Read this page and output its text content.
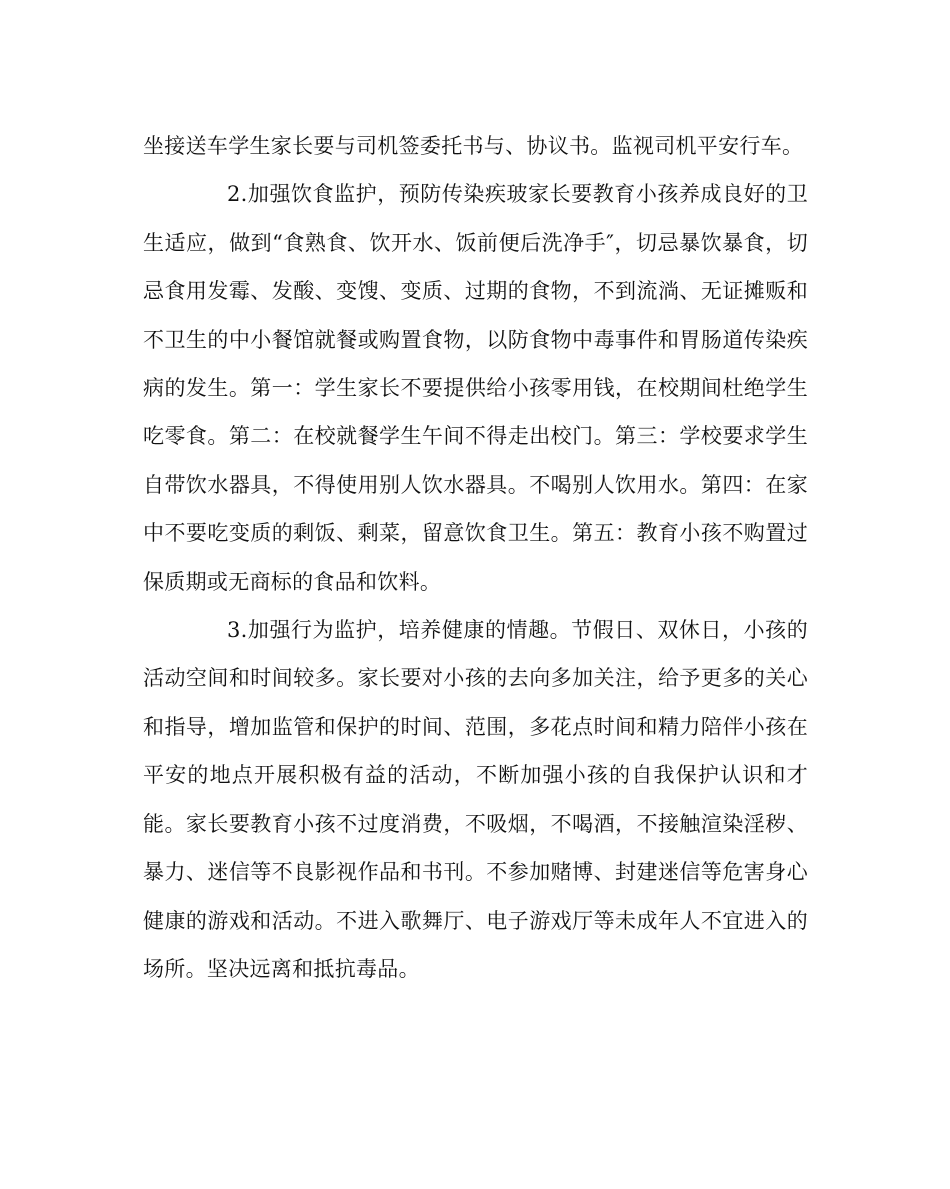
坐接送车学生家长要与司机签委托书与、协议书。监视司机平安行车。

2.加强饮食监护，预防传染疾玻家长要教育小孩养成良好的卫生适应，做到“食熟食、饮开水、饭前便后洗净手″，切忌暴饮暴食，切忌食用发霉、发酸、变馊、变质、过期的食物，不到流淌、无证摊贩和不卫生的中小餐馆就餐或购置食物，以防食物中毒事件和胃肠道传染疾病的发生。第一：学生家长不要提供给小孩零用钱，在校期间杜绝学生吃零食。第二：在校就餐学生午间不得走出校门。第三：学校要求学生自带饮水器具，不得使用别人饮水器具。不喝别人饮用水。第四：在家中不要吃变质的剩饭、剩菜，留意饮食卫生。第五：教育小孩不购置过保质期或无商标的食品和饮料。

3.加强行为监护，培养健康的情趣。节假日、双休日，小孩的活动空间和时间较多。家长要对小孩的去向多加关注，给予更多的关心和指导，增加监管和保护的时间、范围，多花点时间和精力陪伴小孩在平安的地点开展积极有益的活动，不断加强小孩的自我保护认识和才能。家长要教育小孩不过度消费，不吸烟，不喝酒，不接触渲染淫秽、暴力、迷信等不良影视作品和书刊。不参加赌博、封建迷信等危害身心健康的游戏和活动。不进入歌舞厅、电子游戏厅等未成年人不宜进入的场所。坚决远离和抵抗毒品。
